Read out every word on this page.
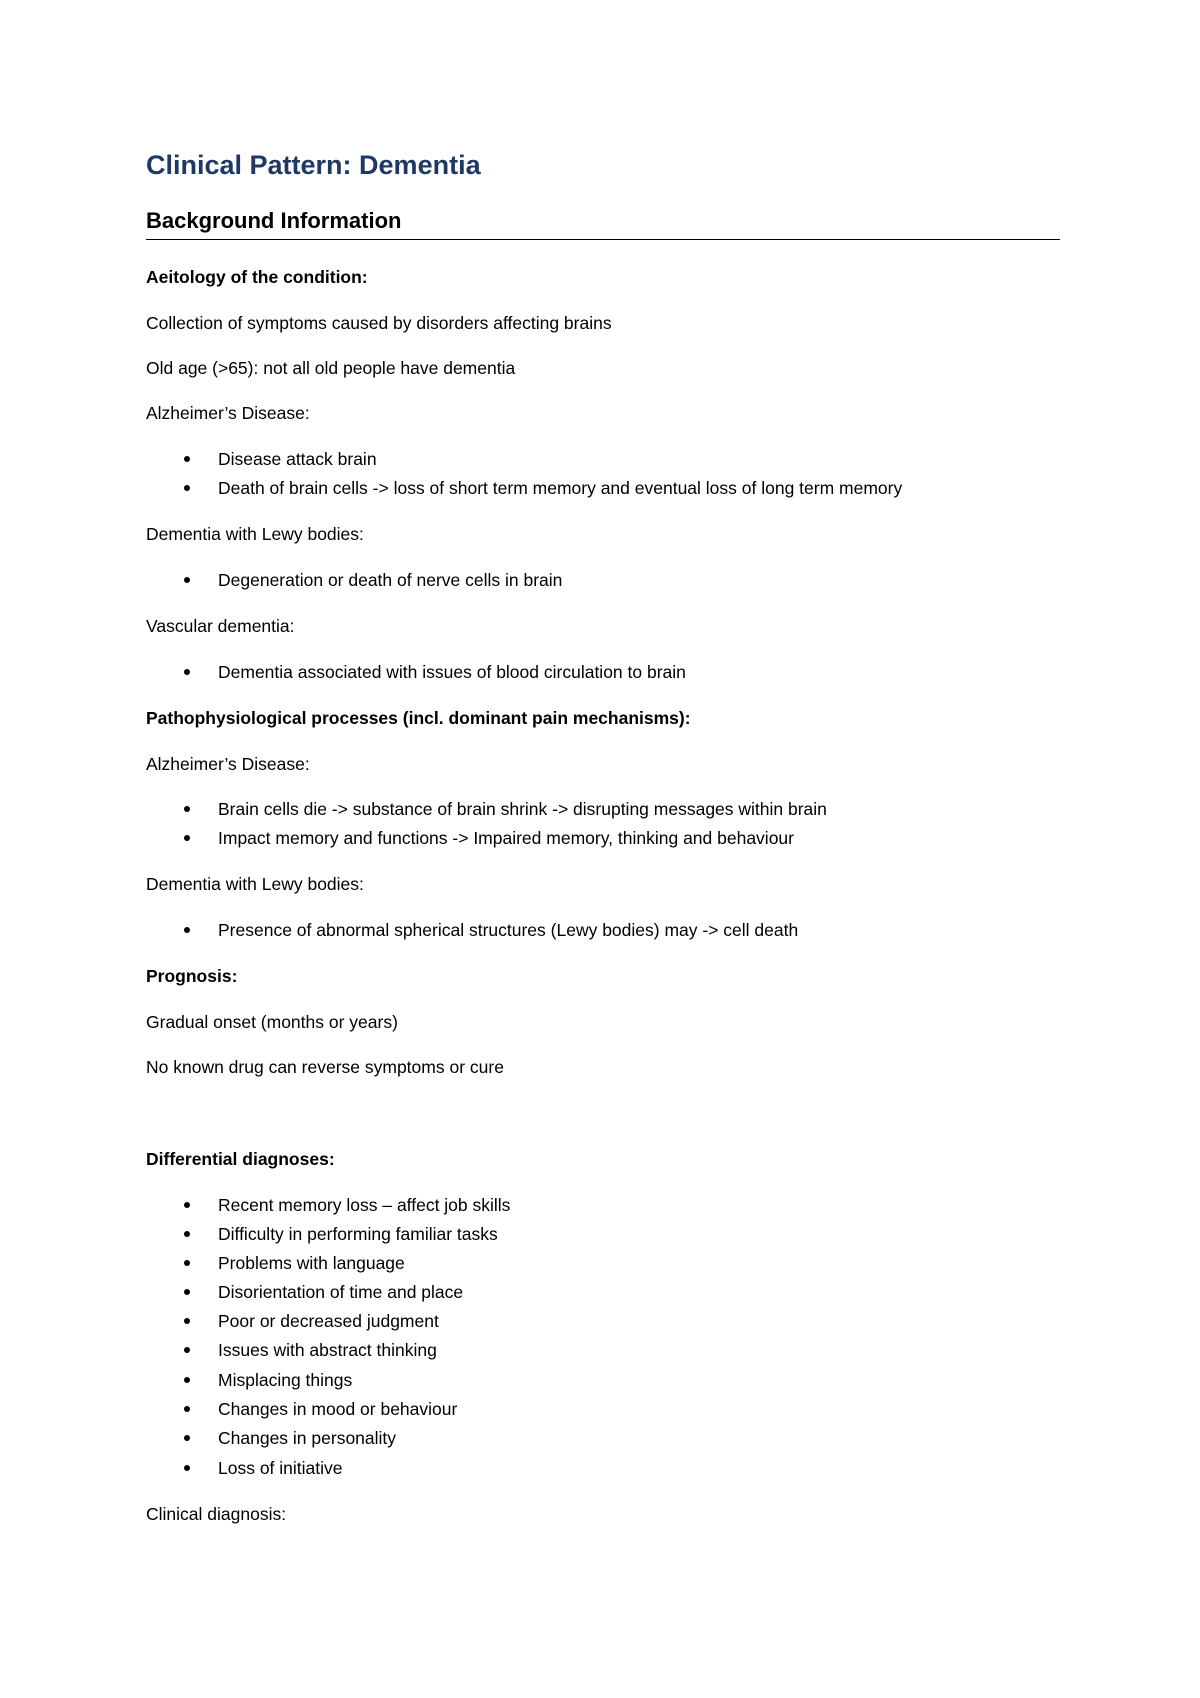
Clinical Pattern: Dementia
Background Information
Aeitology of the condition:
Collection of symptoms caused by disorders affecting brains
Old age (>65): not all old people have dementia
Alzheimer’s Disease:
Disease attack brain
Death of brain cells -> loss of short term memory and eventual loss of long term memory
Dementia with Lewy bodies:
Degeneration or death of nerve cells in brain
Vascular dementia:
Dementia associated with issues of blood circulation to brain
Pathophysiological processes (incl. dominant pain mechanisms):
Alzheimer’s Disease:
Brain cells die -> substance of brain shrink -> disrupting messages within brain
Impact memory and functions -> Impaired memory, thinking and behaviour
Dementia with Lewy bodies:
Presence of abnormal spherical structures (Lewy bodies) may -> cell death
Prognosis:
Gradual onset (months or years)
No known drug can reverse symptoms or cure
Differential diagnoses:
Recent memory loss – affect job skills
Difficulty in performing familiar tasks
Problems with language
Disorientation of time and place
Poor or decreased judgment
Issues with abstract thinking
Misplacing things
Changes in mood or behaviour
Changes in personality
Loss of initiative
Clinical diagnosis:
